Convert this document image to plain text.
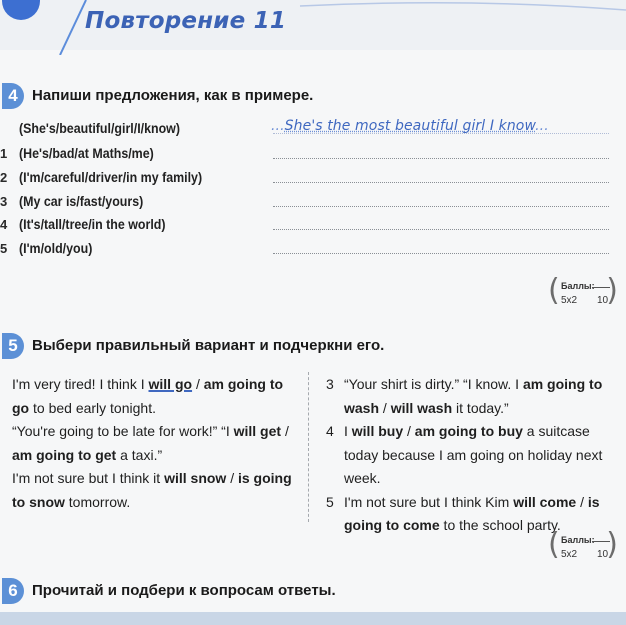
Повторение 11
4 Напиши предложения, как в примере.
(She's/beautiful/girl/I/know)	...She's the most beautiful girl I know...
1 (He's/bad/at Maths/me)
2 (I'm/careful/driver/in my family)
3 (My car is/fast/yours)
4 (It's/tall/tree/in the world)
5 (I'm/old/you)
( Баллы:
5x2 10
)
5 Выбери правильный вариант и подчеркни его.
I'm very tired! I think I will go / am going to go to bed early tonight.
“You're going to be late for work!” “I will get / am going to get a taxi.”
I'm not sure but I think it will snow / is going to snow tomorrow.
3 “Your shirt is dirty.” “I know. I am going to wash / will wash it today.”
4 I will buy / am going to buy a suitcase today because I am going on holiday next week.
5 I'm not sure but I think Kim will come / is going to come to the school party.
( Баллы:
5x2 10
)
6 Прочитай и подбери к вопросам ответы.
